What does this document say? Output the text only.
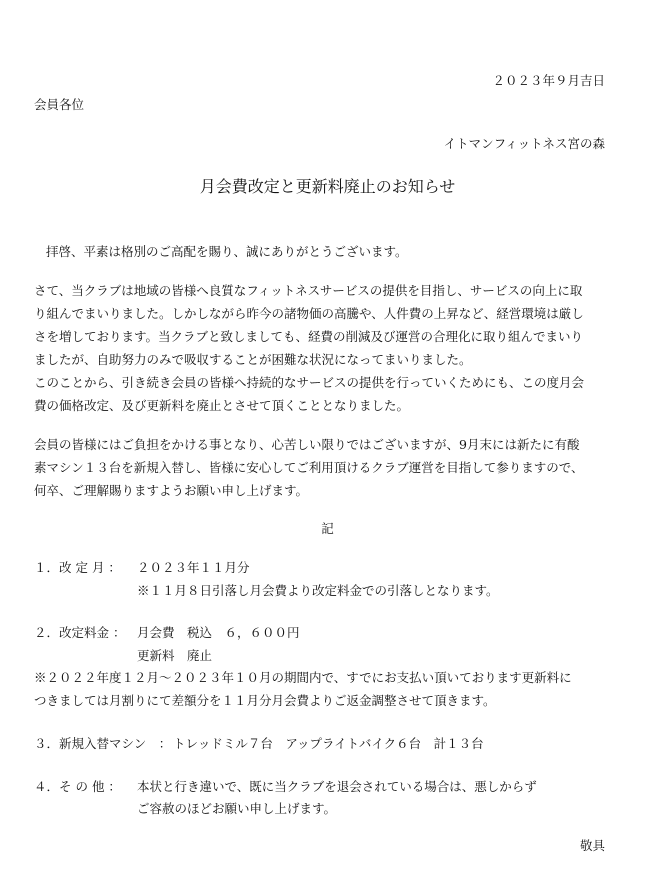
２０２３年９月吉日

会員各位

イトマンフィットネス宮の森

月会費改定と更新料廃止のお知らせ

拝啓、平素は格別のご高配を賜り、誠にありがとうございます。

さて、当クラブは地域の皆様へ良質なフィットネスサービスの提供を目指し、サービスの向上に取

り組んでまいりました。しかしながら昨今の諸物価の高騰や、人件費の上昇など、経営環境は厳し

さを増しております。当クラブと致しましても、経費の削減及び運営の合理化に取り組んでまいり

ましたが、自助努力のみで吸収することが困難な状況になってまいりました。

このことから、引き続き会員の皆様へ持続的なサービスの提供を行っていくためにも、この度月会

費の価格改定、及び更新料を廃止とさせて頂くこととなりました。

会員の皆様にはご負担をかける事となり、心苦しい限りではございますが、9月末には新たに有酸

素マシン１３台を新規入替し、皆様に安心してご利用頂けるクラブ運営を目指して参りますので、

何卒、ご理解賜りますようお願い申し上げます。

記

１．改 定 月 ： ２０２３年１１月分

※１１月８日引落し月会費より改定料金での引落しとなります。

２．改定料金 ： 月会費　税込　６，６００円

更新料　廃止

※２０２２年度１２月～２０２３年１０月の期間内で、すでにお支払い頂いております更新料に

つきましては月割りにて差額分を１１月分月会費よりご返金調整させて頂きます。

３．新規入替マシン　： トレッドミル７台　アップライトバイク６台　計１３台

４．そ の 他 ： 本状と行き違いで、既に当クラブを退会されている場合は、悪しからず

ご容赦のほどお願い申し上げます。

敬具
